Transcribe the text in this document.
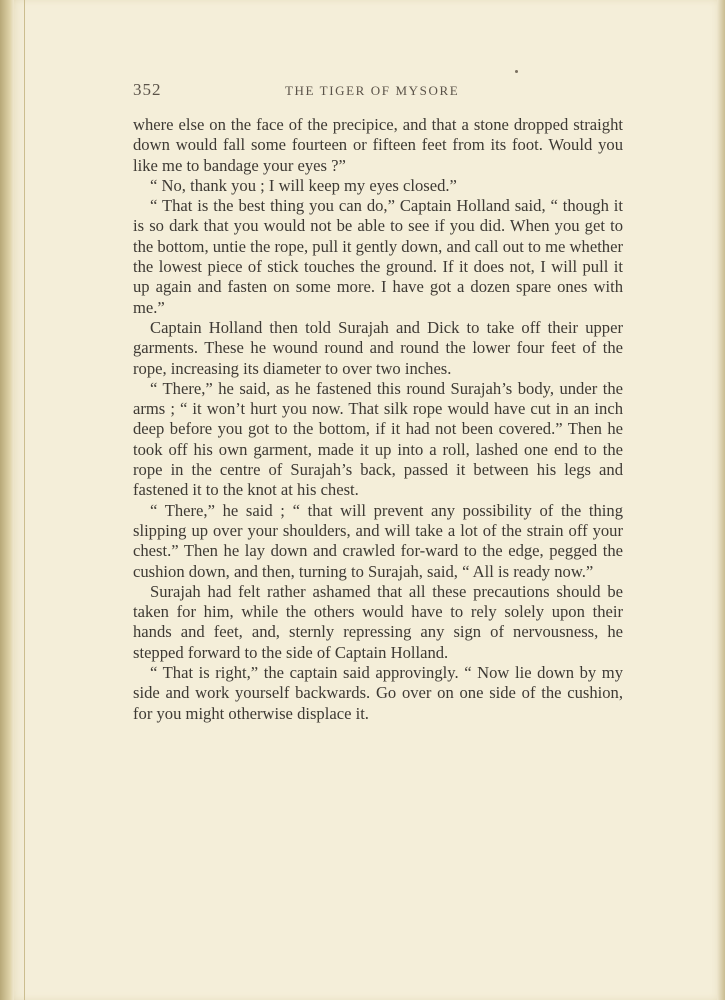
352	THE TIGER OF MYSORE

where else on the face of the precipice, and that a stone dropped straight down would fall some fourteen or fifteen feet from its foot. Would you like me to bandage your eyes ?”

“ No, thank you ; I will keep my eyes closed.”

“ That is the best thing you can do,” Captain Holland said, “ though it is so dark that you would not be able to see if you did. When you get to the bottom, untie the rope, pull it gently down, and call out to me whether the lowest piece of stick touches the ground. If it does not, I will pull it up again and fasten on some more. I have got a dozen spare ones with me.”

Captain Holland then told Surajah and Dick to take off their upper garments. These he wound round and round the lower four feet of the rope, increasing its diameter to over two inches.

“ There,” he said, as he fastened this round Surajah’s body, under the arms ; “ it won’t hurt you now. That silk rope would have cut in an inch deep before you got to the bottom, if it had not been covered.” Then he took off his own garment, made it up into a roll, lashed one end to the rope in the centre of Surajah’s back, passed it between his legs and fastened it to the knot at his chest.

“ There,” he said ; “ that will prevent any possibility of the thing slipping up over your shoulders, and will take a lot of the strain off your chest.” Then he lay down and crawled for-ward to the edge, pegged the cushion down, and then, turning to Surajah, said, “ All is ready now.”

Surajah had felt rather ashamed that all these precautions should be taken for him, while the others would have to rely solely upon their hands and feet, and, sternly repressing any sign of nervousness, he stepped forward to the side of Captain Holland.

“ That is right,” the captain said approvingly. “ Now lie down by my side and work yourself backwards. Go over on one side of the cushion, for you might otherwise displace it.
